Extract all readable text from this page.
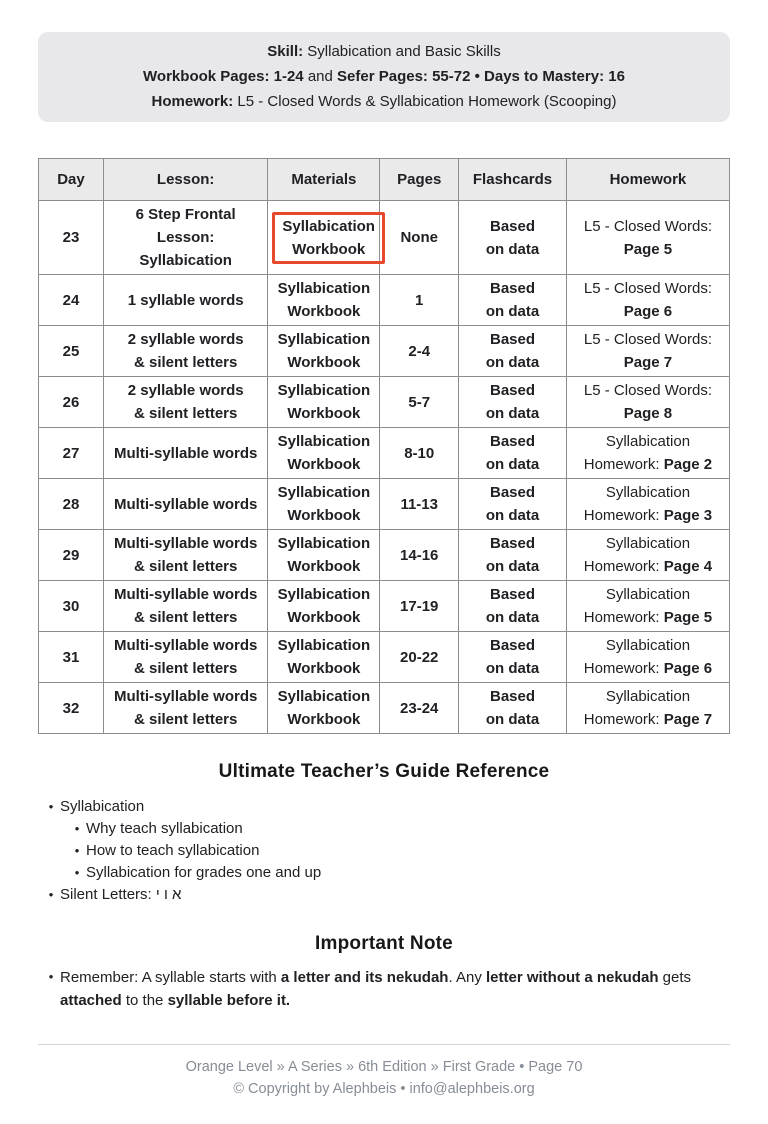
Skill: Syllabication and Basic Skills

Workbook Pages: 1-24 and Sefer Pages: 55-72 • Days to Mastery: 16

Homework: L5 - Closed Words & Syllabication Homework (Scooping)

Day	Lesson:	Materials	Pages	Flashcards	Homework
23	6 Step Frontal Lesson:
Syllabication	Syllabication
Workbook	None	Based
on data	L5 - Closed Words:
Page 5
24	1 syllable words	Syllabication
Workbook	1	Based
on data	L5 - Closed Words:
Page 6
25	2 syllable words
& silent letters	Syllabication
Workbook	2-4	Based
on data	L5 - Closed Words:
Page 7
26	2 syllable words
& silent letters	Syllabication
Workbook	5-7	Based
on data	L5 - Closed Words:
Page 8
27	Multi-syllable words	Syllabication
Workbook	8-10	Based
on data	Syllabication
Homework: Page 2
28	Multi-syllable words	Syllabication
Workbook	11-13	Based
on data	Syllabication
Homework: Page 3
29	Multi-syllable words
& silent letters	Syllabication
Workbook	14-16	Based
on data	Syllabication
Homework: Page 4
30	Multi-syllable words
& silent letters	Syllabication
Workbook	17-19	Based
on data	Syllabication
Homework: Page 5
31	Multi-syllable words
& silent letters	Syllabication
Workbook	20-22	Based
on data	Syllabication
Homework: Page 6
32	Multi-syllable words
& silent letters	Syllabication
Workbook	23-24	Based
on data	Syllabication
Homework: Page 7
Ultimate Teacher’s Guide Reference
• Syllabication
• Why teach syllabication
• How to teach syllabication
• Syllabication for grades one and up
• Silent Letters: א ו י
Important Note
• Remember: A syllable starts with a letter and its nekudah. Any letter without a nekudah gets attached to the syllable before it.

Orange Level » A Series » 6th Edition » First Grade • Page 70

© Copyright by Alephbeis • info@alephbeis.org
